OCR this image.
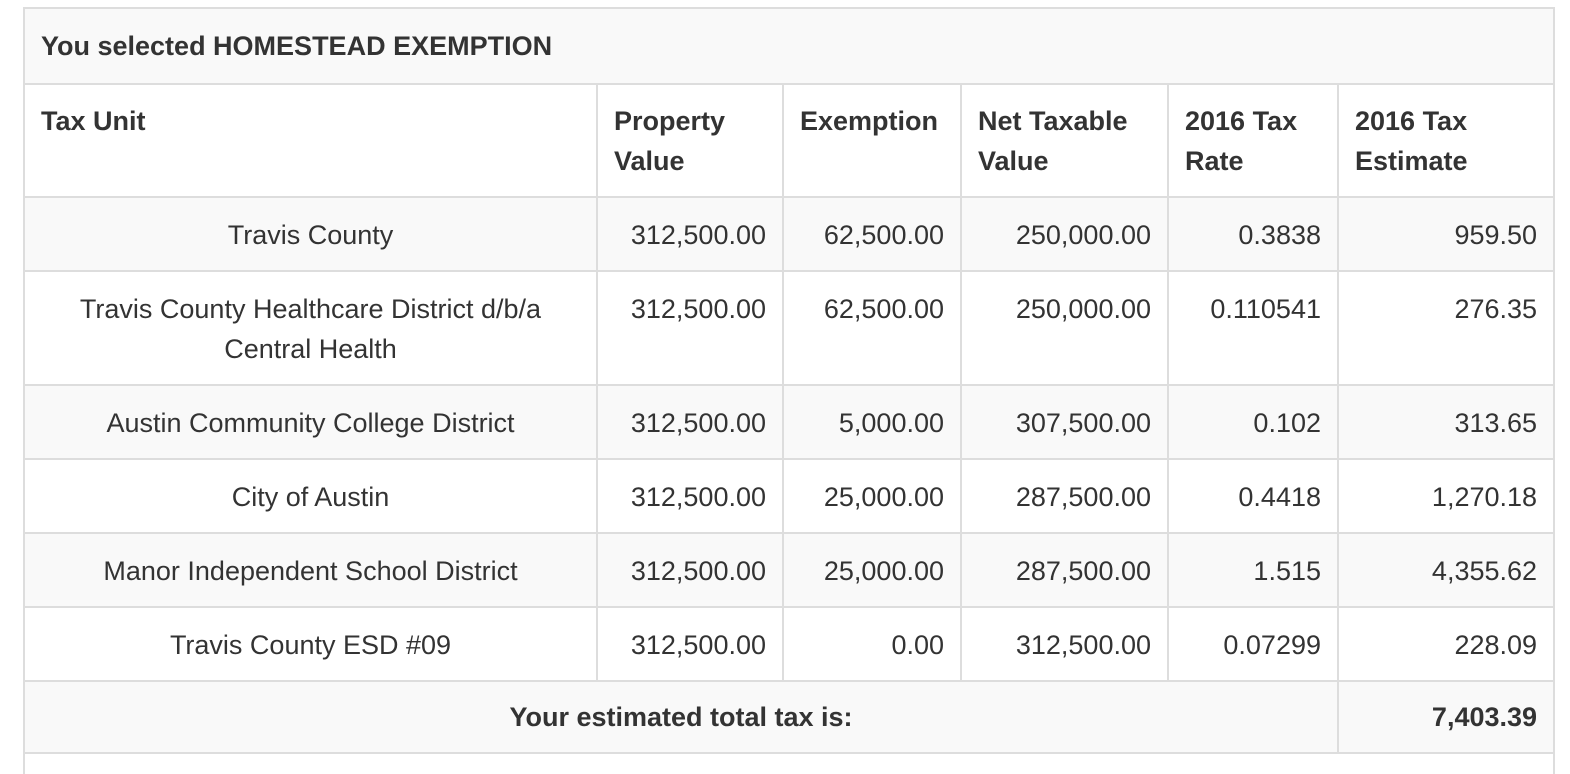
You selected HOMESTEAD EXEMPTION					
Tax Unit	Property Value	Exemption	Net Taxable Value	2016 Tax Rate	2016 Tax Estimate
Travis County	312,500.00	62,500.00	250,000.00	0.3838	959.50
Travis County Healthcare District d/b/a Central Health	312,500.00	62,500.00	250,000.00	0.110541	276.35
Austin Community College District	312,500.00	5,000.00	307,500.00	0.102	313.65
City of Austin	312,500.00	25,000.00	287,500.00	0.4418	1,270.18
Manor Independent School District	312,500.00	25,000.00	287,500.00	1.515	4,355.62
Travis County ESD #09	312,500.00	0.00	312,500.00	0.07299	228.09
Your estimated total tax is:					7,403.39
